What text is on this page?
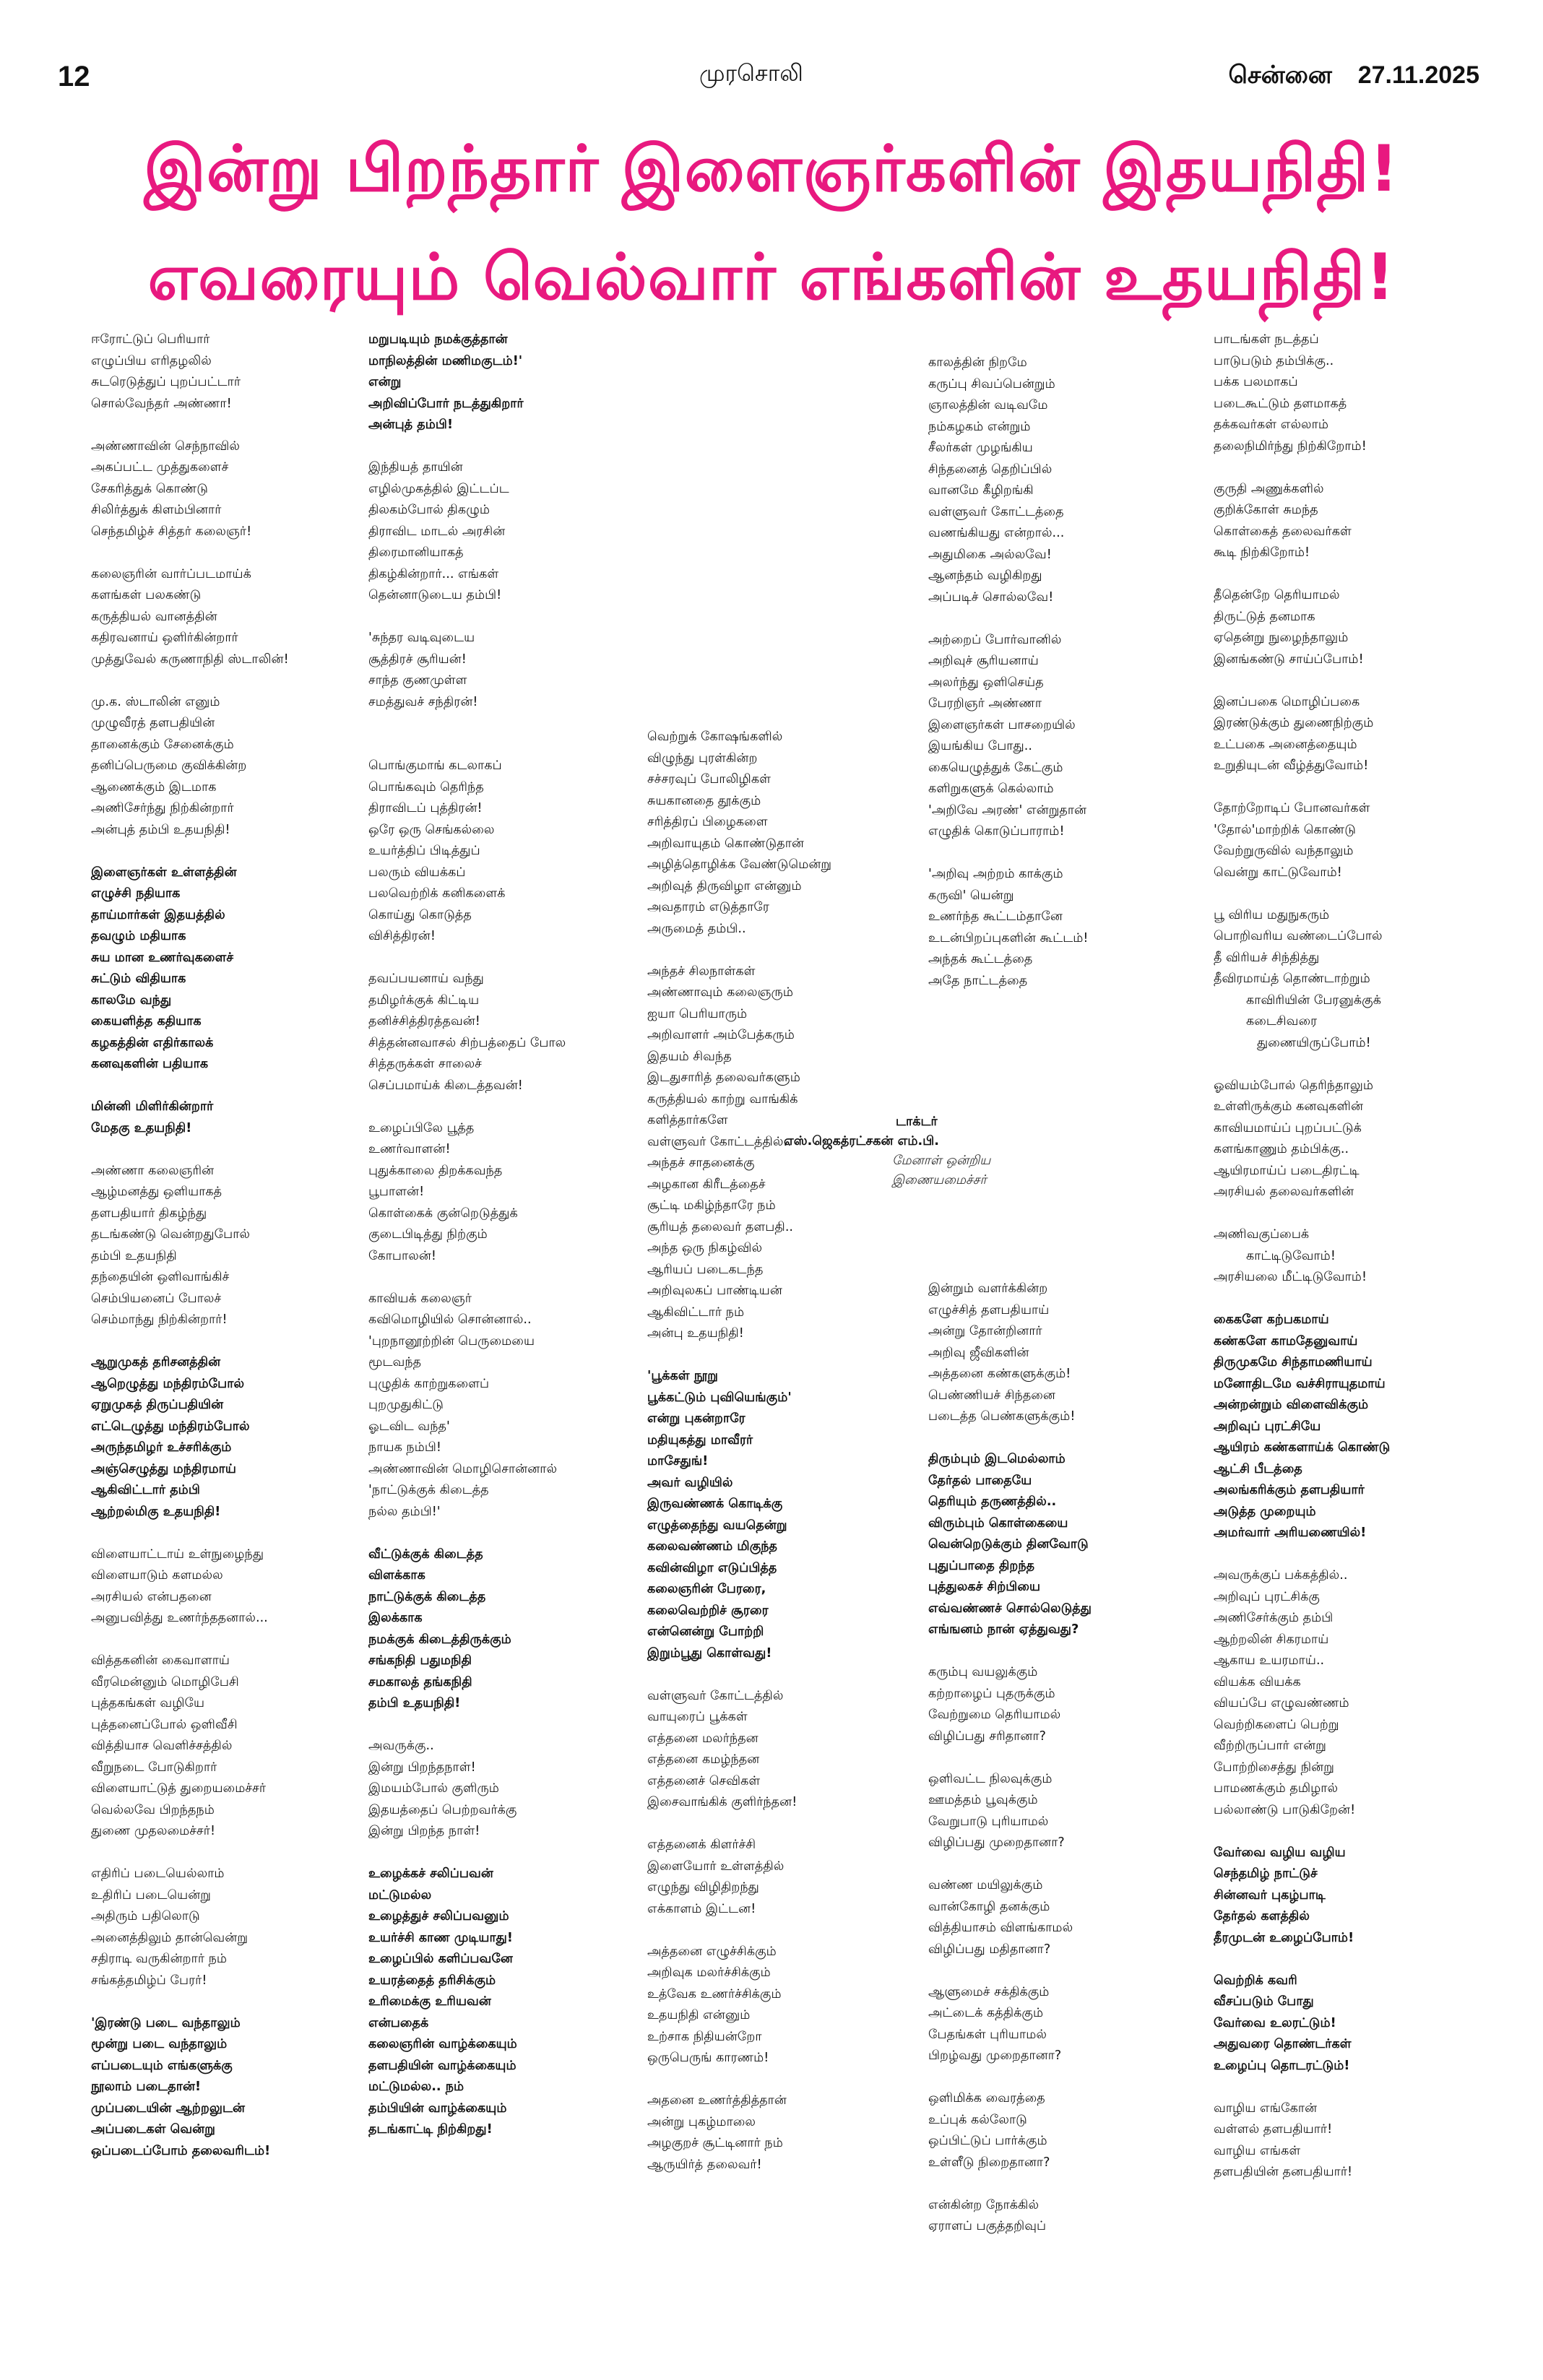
12	முரசொலி	சென்னை 27.11.2025
இன்று பிறந்தார் இளைஞர்களின் இதயநிதி!
எவரையும் வெல்வார் எங்களின் உதயநிதி!

ஈரோட்டுப் பெரியார்

எழுப்பிய எரிதழலில்

சுடரெடுத்துப் புறப்பட்டார்

சொல்வேந்தர் அண்ணா!

அண்ணாவின் செந்நாவில்

அகப்பட்ட முத்துகளைச்

சேகரித்துக் கொண்டு

சிலிர்த்துக் கிளம்பினார்

செந்தமிழ்ச் சித்தர் கலைஞர்!

கலைஞரின் வார்ப்படமாய்க்

களங்கள் பலகண்டு

கருத்தியல் வானத்தின்

கதிரவனாய் ஒளிர்கின்றார்

முத்துவேல் கருணாநிதி ஸ்டாலின்!

மு.க. ஸ்டாலின் எனும்

முழுவீரத் தளபதியின்

தானைக்கும் சேனைக்கும்

தனிப்பெருமை குவிக்கின்ற

ஆணைக்கும் இடமாக

அணிசேர்ந்து நிற்கின்றார்

அன்புத் தம்பி உதயநிதி!

இளைஞர்கள் உள்ளத்தின்

எழுச்சி நதியாக

தாய்மார்கள் இதயத்தில்

தவழும் மதியாக

சுய மான உணர்வுகளைச்

சுட்டும் விதியாக

காலமே வந்து

கையளித்த கதியாக

கழகத்தின் எதிர்காலக்

கனவுகளின் பதியாக

மின்னி மிளிர்கின்றார்

மேதகு உதயநிதி!

அண்ணா கலைஞரின்

ஆழ்மனத்து ஒளியாகத்

தளபதியார் திகழ்ந்து

தடங்கண்டு வென்றதுபோல்

தம்பி உதயநிதி

தந்தையின் ஒளிவாங்கிச்

செம்பியனைப் போலச்

செம்மாந்து நிற்கின்றார்!

ஆறுமுகத் தரிசனத்தின்

ஆறெழுத்து மந்திரம்போல்

ஏறுமுகத் திருப்பதியின்

எட்டெழுத்து மந்திரம்போல்

அருந்தமிழர் உச்சரிக்கும்

அஞ்செழுத்து மந்திரமாய்

ஆகிவிட்டார் தம்பி

ஆற்றல்மிகு உதயநிதி!

விளையாட்டாய் உள்நுழைந்து

விளையாடும் களமல்ல

அரசியல் என்பதனை

அனுபவித்து உணர்ந்ததனால்...

வித்தகனின் கைவாளாய்

வீரமென்னும் மொழிபேசி

புத்தகங்கள் வழியே

புத்தனைப்போல் ஒளிவீசி

வித்தியாச வெளிச்சத்தில்

வீறுநடை போடுகிறார்

விளையாட்டுத் துறையமைச்சர்

வெல்லவே பிறந்தநம்

துணை முதலமைச்சர்!

எதிரிப் படையெல்லாம்

உதிரிப் படையென்று

அதிரும் பதிலொடு

அனைத்திலும் தான்வென்று

சதிராடி வருகின்றார் நம்

சங்கத்தமிழ்ப் பேரர்!

'இரண்டு படை வந்தாலும்

மூன்று படை வந்தாலும்

எப்படையும் எங்களுக்கு

நூலாம் படைதான்!

முப்படையின் ஆற்றலுடன்

அப்படைகள் வென்று

ஒப்படைப்போம் தலைவரிடம்!

மறுபடியும் நமக்குத்தான்

மாநிலத்தின் மணிமகுடம்!'

என்று

அறிவிப்போர் நடத்துகிறார்

அன்புத் தம்பி!

இந்தியத் தாயின்

எழில்முகத்தில் இட்டப்ட

திலகம்போல் திகழும்

திராவிட மாடல் அரசின்

திரைமானியாகத்

திகழ்கின்றார்... எங்கள்

தென்னாடுடைய தம்பி!

'சுந்தர வடிவுடைய

சூத்திரச் சூரியன்!

சாந்த குணமுள்ள

சமத்துவச் சந்திரன்!

பொங்குமாங் கடலாகப்

பொங்கவும் தெரிந்த

திராவிடப் புத்திரன்!

ஒரே ஒரு செங்கல்லை

உயர்த்திப் பிடித்துப்

பலரும் வியக்கப்

பலவெற்றிக் கனிகளைக்

கொய்து கொடுத்த

விசித்திரன்!

தவப்பயனாய் வந்து

தமிழர்க்குக் கிட்டிய

தனிச்சித்திரத்தவன்!

சித்தன்னவாசல் சிற்பத்தைப் போல

சித்தருக்கள் சாலைச்

செப்பமாய்க் கிடைத்தவன்!

உழைப்பிலே பூத்த

உணர்வாளன்!

புதுக்காலை திறக்கவந்த

பூபாளன்!

கொள்கைக் குன்றெடுத்துக்

குடைபிடித்து நிற்கும்

கோபாலன்!

காவியக் கலைஞர்

கவிமொழியில் சொன்னால்..

'புறநானூற்றின் பெருமையை

மூடவந்த

புழுதிக் காற்றுகளைப்

புறமுதுகிட்டு

ஓடவிட வந்த'

நாயக நம்பி!

அண்ணாவின் மொழிசொன்னால்

'நாட்டுக்குக் கிடைத்த

நல்ல தம்பி!'

வீட்டுக்குக் கிடைத்த

விளக்காக

நாட்டுக்குக் கிடைத்த

இலக்காக

நமக்குக் கிடைத்திருக்கும்

சங்கநிதி பதுமநிதி

சமகாலத் தங்கநிதி

தம்பி உதயநிதி!

அவருக்கு..

இன்று பிறந்தநாள்!

இமயம்போல் குளிரும்

இதயத்தைப் பெற்றவர்க்கு

இன்று பிறந்த நாள்!

உழைக்கச் சலிப்பவன்

மட்டுமல்ல

உழைத்துச் சலிப்பவனும்

உயர்ச்சி காண முடியாது!

உழைப்பில் களிப்பவனே

உயரத்தைத் தரிசிக்கும்

உரிமைக்கு உரியவன்

என்பதைக்

கலைஞரின் வாழ்க்கையும்

தளபதியின் வாழ்க்கையும்

மட்டுமல்ல.. நம்

தம்பியின் வாழ்க்கையும்

தடங்காட்டி நிற்கிறது!

வெற்றுக் கோஷங்களில்

விழுந்து புரள்கின்ற

சச்சரவுப் போலிழிகள்

சுயகானதை தூக்கும்

சரித்திரப் பிழைகளை

அறிவாயுதம் கொண்டுதான்

அழித்தொழிக்க வேண்டுமென்று

அறிவுத் திருவிழா என்னும்

அவதாரம் எடுத்தாரே

அருமைத் தம்பி..

அந்தச் சிலநாள்கள்

அண்ணாவும் கலைஞரும்

ஐயா பெரியாரும்

அறிவாளர் அம்பேத்கரும்

இதயம் சிவந்த

இடதுசாரித் தலைவர்களும்

கருத்தியல் காற்று வாங்கிக்

களித்தார்களே

வள்ளுவர் கோட்டத்தில்..

அந்தச் சாதனைக்கு

அழகான கிரீடத்தைச்

சூட்டி மகிழ்ந்தாரே நம்

சூரியத் தலைவர் தளபதி..

அந்த ஒரு நிகழ்வில்

ஆரியப் படைகடந்த

அறிவுலகப் பாண்டியன்

ஆகிவிட்டார் நம்

அன்பு உதயநிதி!

'பூக்கள் நூறு

பூக்கட்டும் புவியெங்கும்'

என்று புகன்றாரே

மதியுகத்து மாவீரர்

மாசேதுங்!

அவர் வழியில்

இருவண்ணக் கொடிக்கு

எழுத்தைந்து வயதென்று

கலைவண்ணம் மிகுந்த

கவின்விழா எடுப்பித்த

கலைஞரின் பேரரை,

கலைவெற்றிச் சூரரை

என்னென்று போற்றி

இறும்பூது கொள்வது!

வள்ளுவர் கோட்டத்தில்

வாயுரைப் பூக்கள்

எத்தனை மலர்ந்தன

எத்தனை கமழ்ந்தன

எத்தனைச் செவிகள்

இசைவாங்கிக் குளிர்ந்தன!

எத்தனைக் கிளர்ச்சி

இளையோர் உள்ளத்தில்

எழுந்து விழிதிறந்து

எக்காளம் இட்டன!

அத்தனை எழுச்சிக்கும்

அறிவுக மலர்ச்சிக்கும்

உத்வேக உணர்ச்சிக்கும்

உதயநிதி என்னும்

உற்சாக நிதியன்றோ

ஒருபெருங் காரணம்!

அதனை உணர்த்தித்தான்

அன்று புகழ்மாலை

அழகுறச் சூட்டினார் நம்

ஆருயிர்த் தலைவர்!

காலத்தின் நிறமே

கருப்பு சிவப்பென்றும்

ஞாலத்தின் வடிவமே

நம்கழகம் என்றும்

சீலர்கள் முழங்கிய

சிந்தனைத் தெறிப்பில்

வானமே கீழிறங்கி

வள்ளுவர் கோட்டத்தை

வணங்கியது என்றால்...

அதுமிகை அல்லவே!

ஆனந்தம் வழிகிறது

அப்படிச் சொல்லவே!

அற்றைப் போர்வானில்

அறிவுச் சூரியனாய்

அலர்ந்து ஒளிசெய்த

பேரறிஞர் அண்ணா

இளைஞர்கள் பாசறையில்

இயங்கிய போது..

கையெழுத்துக் கேட்கும்

களிறுகளுக் கெல்லாம்

'அறிவே அரண்' என்றுதான்

எழுதிக் கொடுப்பாராம்!

'அறிவு அற்றம் காக்கும்

கருவி' யென்று

உணர்ந்த கூட்டம்தானே

உடன்பிறப்புகளின் கூட்டம்!

அந்தக் கூட்டத்தை

அதே நாட்டத்தை

டாக்டர்

எஸ்.ஜெகத்ரட்சகன் எம்.பி.

மேனாள் ஒன்றிய

இணையமைச்சர்

இன்றும் வளர்க்கின்ற

எழுச்சித் தளபதியாய்

அன்று தோன்றினார்

அறிவு ஜீவிகளின்

அத்தனை கண்களுக்கும்!

பெண்ணியச் சிந்தனை

படைத்த பெண்களுக்கும்!

திரும்பும் இடமெல்லாம்

தேர்தல் பாதையே

தெரியும் தருணத்தில்..

விரும்பும் கொள்கையை

வென்றெடுக்கும் தினவோடு

புதுப்பாதை திறந்த

புத்துலகச் சிற்பியை

எவ்வண்ணச் சொல்லெடுத்து

எங்ஙனம் நான் ஏத்துவது?

கரும்பு வயலுக்கும்

கற்றாழைப் புதருக்கும்

வேற்றுமை தெரியாமல்

விழிப்பது சரிதானா?

ஒளிவட்ட நிலவுக்கும்

ஊமத்தம் பூவுக்கும்

வேறுபாடு புரியாமல்

விழிப்பது முறைதானா?

வண்ண மயிலுக்கும்

வான்கோழி தனக்கும்

வித்தியாசம் விளங்காமல்

விழிப்பது மதிதானா?

ஆளுமைச் சக்திக்கும்

அட்டைக் கத்திக்கும்

பேதங்கள் புரியாமல்

பிறழ்வது முறைதானா?

ஒளிமிக்க வைரத்தை

உப்புக் கல்லோடு

ஒப்பிட்டுப் பார்க்கும்

உள்ளீடு நிறைதானா?

என்கின்ற நோக்கில்

ஏராளப் பகுத்தறிவுப்

பாடங்கள் நடத்தப்

பாடுபடும் தம்பிக்கு..

பக்க பலமாகப்

படைகூட்டும் தளமாகத்

தக்கவர்கள் எல்லாம்

தலைநிமிர்ந்து நிற்கிறோம்!

குருதி அணுக்களில்

குறிக்கோள் சுமந்த

கொள்கைத் தலைவர்கள்

கூடி நிற்கிறோம்!

தீதென்றே தெரியாமல்

திருட்டுத் தனமாக

ஏதென்று நுழைந்தாலும்

இனங்கண்டு சாய்ப்போம்!

இனப்பகை மொழிப்பகை

இரண்டுக்கும் துணைநிற்கும்

உட்பகை அனைத்தையும்

உறுதியுடன் வீழ்த்துவோம்!

தோற்றோடிப் போனவர்கள்

'தோல்'மாற்றிக் கொண்டு

வேற்றுருவில் வந்தாலும்

வென்று காட்டுவோம்!

பூ விரிய மதுநுகரும்

பொறிவரிய வண்டைப்போல்

தீ விரியச் சிந்தித்து

தீவிரமாய்த் தொண்டாற்றும்

காவிரியின் பேரனுக்குக்

கடைசிவரை

துணையிருப்போம்!

ஓவியம்போல் தெரிந்தாலும்

உள்ளிருக்கும் கனவுகளின்

காவியமாய்ப் புறப்பட்டுக்

களங்காணும் தம்பிக்கு..

ஆயிரமாய்ப் படைதிரட்டி

அரசியல் தலைவர்களின்

அணிவகுப்பைக்

காட்டிடுவோம்!

அரசியலை மீட்டிடுவோம்!

கைகளே கற்பகமாய்

கண்களே காமதேனுவாய்

திருமுகமே சிந்தாமணியாய்

மனோதிடமே வச்சிராயுதமாய்

அன்றன்றும் விளைவிக்கும்

அறிவுப் புரட்சியே

ஆயிரம் கண்களாய்க் கொண்டு

ஆட்சி பீடத்தை

அலங்கரிக்கும் தளபதியார்

அடுத்த முறையும்

அமர்வார் அரியணையில்!

அவருக்குப் பக்கத்தில்..

அறிவுப் புரட்சிக்கு

அணிசேர்க்கும் தம்பி

ஆற்றலின் சிகரமாய்

ஆகாய உயரமாய்..

வியக்க வியக்க

வியப்பே எழுவண்ணம்

வெற்றிகளைப் பெற்று

வீற்றிருப்பார் என்று

போற்றிசைத்து நின்று

பாமணக்கும் தமிழால்

பல்லாண்டு பாடுகிறேன்!

வேர்வை வழிய வழிய

செந்தமிழ் நாட்டுச்

சின்னவர் புகழ்பாடி

தேர்தல் களத்தில்

தீரமுடன் உழைப்போம்!

வெற்றிக் கவரி

வீசப்படும் போது

வேர்வை உலரட்டும்!

அதுவரை தொண்டர்கள்

உழைப்பு தொடரட்டும்!

வாழிய எங்கோன்

வள்ளல் தளபதியார்!

வாழிய எங்கள்

தளபதியின் தனபதியார்!
